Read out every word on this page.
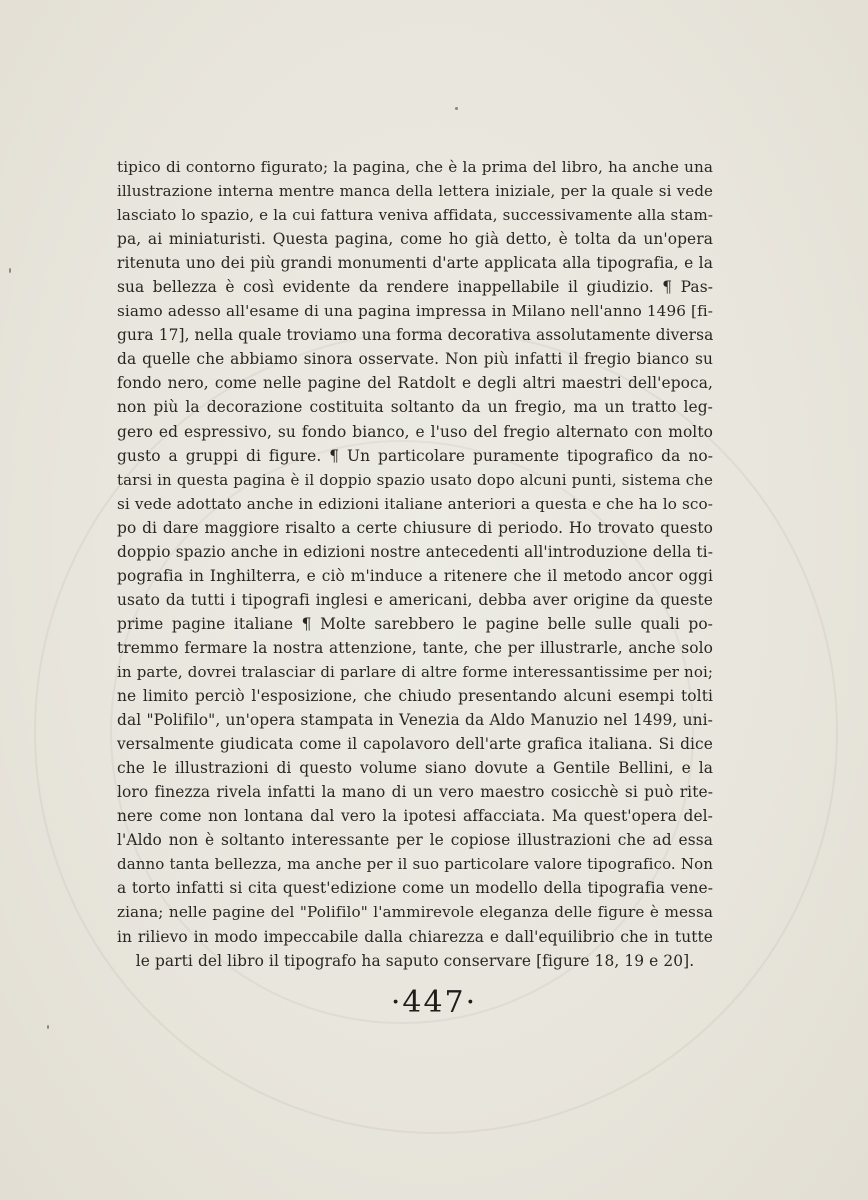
tipico di contorno figurato; la pagina, che è la prima del libro, ha anche una
illustrazione interna mentre manca della lettera iniziale, per la quale si vede
lasciato lo spazio, e la cui fattura veniva affidata, successivamente alla stam-
pa, ai miniaturisti. Questa pagina, come ho già detto, è tolta da un'opera
ritenuta uno dei più grandi monumenti d'arte applicata alla tipografia, e la
sua bellezza è così evidente da rendere inappellabile il giudizio. ¶ Pas-
siamo adesso all'esame di una pagina impressa in Milano nell'anno 1496 [fi-
gura 17], nella quale troviamo una forma decorativa assolutamente diversa
da quelle che abbiamo sinora osservate. Non più infatti il fregio bianco su
fondo nero, come nelle pagine del Ratdolt e degli altri maestri dell'epoca,
non più la decorazione costituita soltanto da un fregio, ma un tratto leg-
gero ed espressivo, su fondo bianco, e l'uso del fregio alternato con molto
gusto a gruppi di figure. ¶ Un particolare puramente tipografico da no-
tarsi in questa pagina è il doppio spazio usato dopo alcuni punti, sistema che
si vede adottato anche in edizioni italiane anteriori a questa e che ha lo sco-
po di dare maggiore risalto a certe chiusure di periodo. Ho trovato questo
doppio spazio anche in edizioni nostre antecedenti all'introduzione della ti-
pografia in Inghilterra, e ciò m'induce a ritenere che il metodo ancor oggi
usato da tutti i tipografi inglesi e americani, debba aver origine da queste
prime pagine italiane ¶ Molte sarebbero le pagine belle sulle quali po-
tremmo fermare la nostra attenzione, tante, che per illustrarle, anche solo
in parte, dovrei tralasciar di parlare di altre forme interessantissime per noi;
ne limito perciò l'esposizione, che chiudo presentando alcuni esempi tolti
dal "Polifilo", un'opera stampata in Venezia da Aldo Manuzio nel 1499, uni-
versalmente giudicata come il capolavoro dell'arte grafica italiana. Si dice
che le illustrazioni di questo volume siano dovute a Gentile Bellini, e la
loro finezza rivela infatti la mano di un vero maestro cosicchè si può rite-
nere come non lontana dal vero la ipotesi affacciata. Ma quest'opera del-
l'Aldo non è soltanto interessante per le copiose illustrazioni che ad essa
danno tanta bellezza, ma anche per il suo particolare valore tipografico. Non
a torto infatti si cita quest'edizione come un modello della tipografia vene-
ziana; nelle pagine del "Polifilo" l'ammirevole eleganza delle figure è messa
in rilievo in modo impeccabile dalla chiarezza e dall'equilibrio che in tutte
le parti del libro il tipografo ha saputo conservare [figure 18, 19 e 20].
·447·
